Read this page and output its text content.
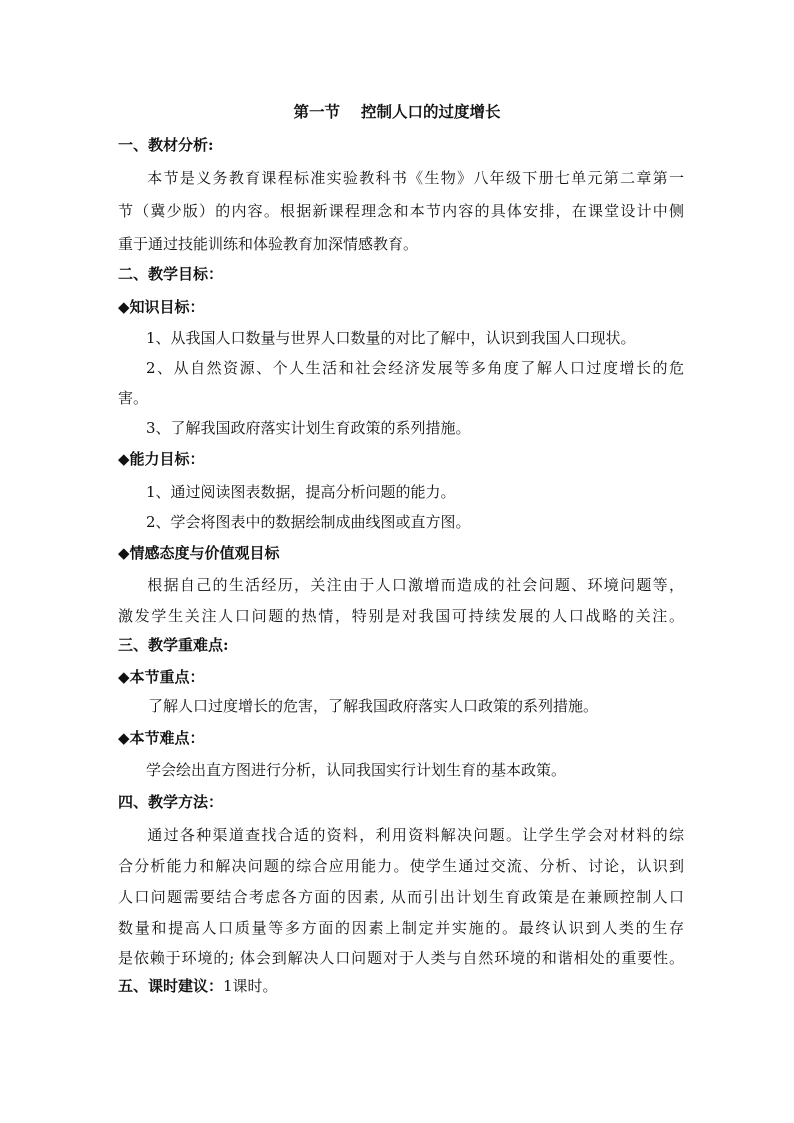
第一节　 控制人口的过度增长
一、教材分析:
本节是义务教育课程标准实验教科书《生物》八年级下册七单元第二章第一
节（冀少版）的内容。根据新课程理念和本节内容的具体安排，在课堂设计中侧
重于通过技能训练和体验教育加深情感教育。
二、教学目标：
◆知识目标：
1、从我国人口数量与世界人口数量的对比了解中，认识到我国人口现状。
2、从自然资源、个人生活和社会经济发展等多角度了解人口过度增长的危
害。
3、了解我国政府落实计划生育政策的系列措施。
◆能力目标：
1、通过阅读图表数据，提高分析问题的能力。
2、学会将图表中的数据绘制成曲线图或直方图。
◆情感态度与价值观目标
根据自己的生活经历，关注由于人口激增而造成的社会问题、环境问题等，
激发学生关注人口问题的热情，特别是对我国可持续发展的人口战略的关注。
三、教学重难点:
◆本节重点：
了解人口过度增长的危害，了解我国政府落实人口政策的系列措施。
◆本节难点：
学会绘出直方图进行分析，认同我国实行计划生育的基本政策。
四、教学方法：
通过各种渠道查找合适的资料，利用资料解决问题。让学生学会对材料的综
合分析能力和解决问题的综合应用能力。使学生通过交流、分析、讨论，认识到
人口问题需要结合考虑各方面的因素, 从而引出计划生育政策是在兼顾控制人口
数量和提高人口质量等多方面的因素上制定并实施的。最终认识到人类的生存
是依赖于环境的; 体会到解决人口问题对于人类与自然环境的和谐相处的重要性。
五、课时建议：1课时。
